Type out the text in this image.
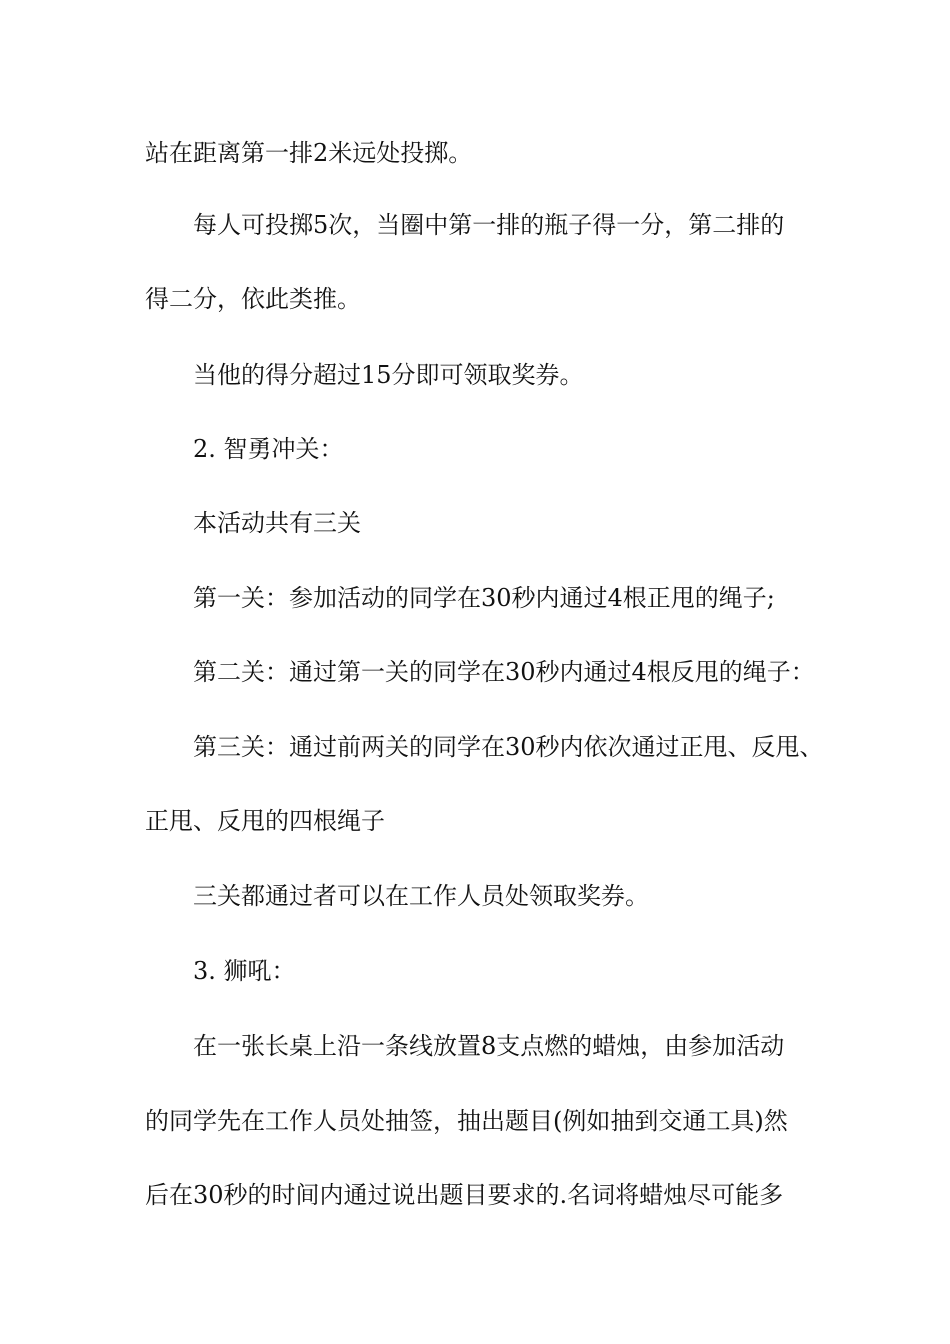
站在距离第一排2米远处投掷。
每人可投掷5次，当圈中第一排的瓶子得一分，第二排的
得二分，依此类推。
当他的得分超过15分即可领取奖券。
2. 智勇冲关：
本活动共有三关
第一关：参加活动的同学在30秒内通过4根正甩的绳子;
第二关：通过第一关的同学在30秒内通过4根反甩的绳子：
第三关：通过前两关的同学在30秒内依次通过正甩、反甩、
正甩、反甩的四根绳子
三关都通过者可以在工作人员处领取奖券。
3. 狮吼：
在一张长桌上沿一条线放置8支点燃的蜡烛，由参加活动
的同学先在工作人员处抽签，抽出题目(例如抽到交通工具)然
后在30秒的时间内通过说出题目要求的.名词将蜡烛尽可能多
